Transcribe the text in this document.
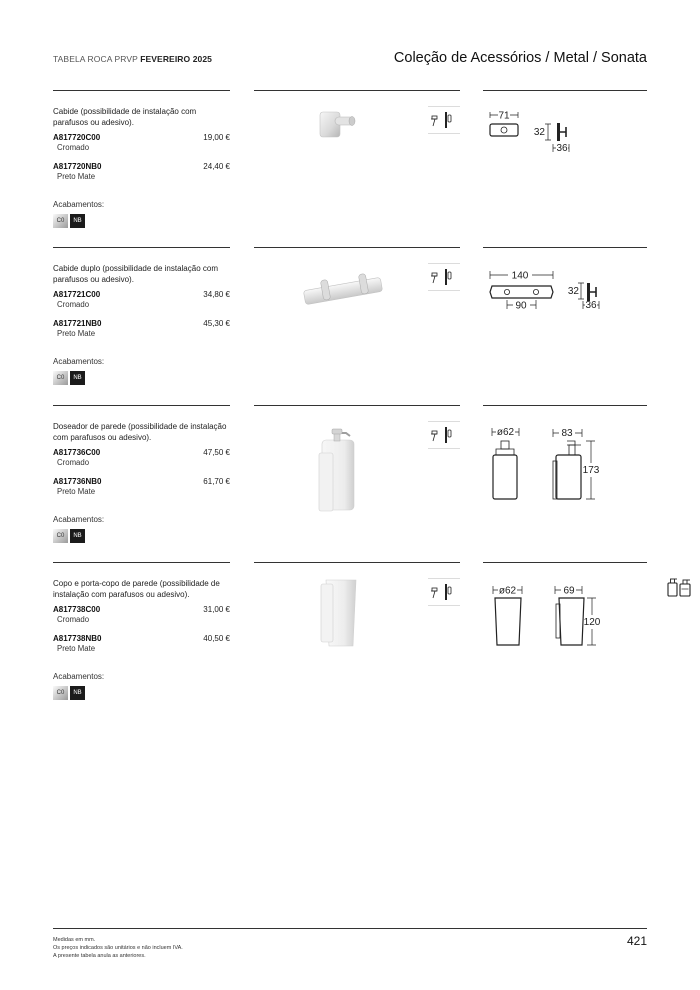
TABELA ROCA PRVP FEVEREIRO 2025	Coleção de Acessórios / Metal / Sonata
Cabide (possibilidade de instalação com parafusos ou adesivo).
A817720C00	19,00 €
Cromado
A817720NB0	24,40 €
Preto Mate
Acabamentos:
C0	NB
71
32
36
Cabide duplo (possibilidade de instalação com parafusos ou adesivo).
A817721C00	34,80 €
Cromado
A817721NB0	45,30 €
Preto Mate
Acabamentos:
C0	NB
140
90
32
36
Doseador de parede (possibilidade de instalação com parafusos ou adesivo).
A817736C00	47,50 €
Cromado
A817736NB0	61,70 €
Preto Mate
Acabamentos:
C0	NB
ø62	83
173
Copo e porta-copo de parede (possibilidade de instalação com parafusos ou adesivo).
A817738C00	31,00 €
Cromado
A817738NB0	40,50 €
Preto Mate
Acabamentos:
C0	NB
ø62	69
120
Medidas em mm.
Os preços indicados são unitários e não incluem IVA.
A presente tabela anula as anteriores.
421
